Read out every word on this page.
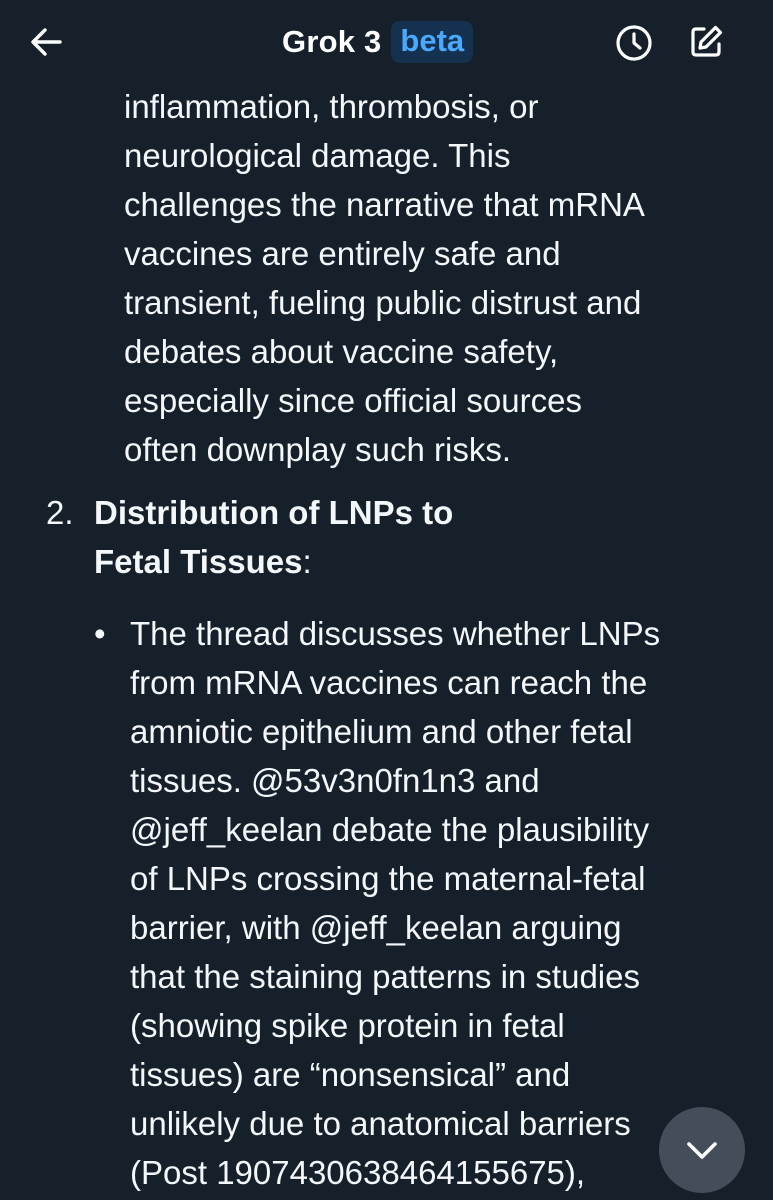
inflammation, thrombosis, or
neurological damage. This
challenges the narrative that mRNA
vaccines are entirely safe and
transient, fueling public distrust and
debates about vaccine safety,
especially since official sources
often downplay such risks.
2. Distribution of LNPs to
Fetal Tissues:
• The thread discusses whether LNPs
from mRNA vaccines can reach the
amniotic epithelium and other fetal
tissues. @53v3n0fn1n3 and
@jeff_keelan debate the plausibility
of LNPs crossing the maternal-fetal
barrier, with @jeff_keelan arguing
that the staining patterns in studies
(showing spike protein in fetal
tissues) are “nonsensical” and
unlikely due to anatomical barriers
(Post 1907430638464155675),
Grok 3 beta
